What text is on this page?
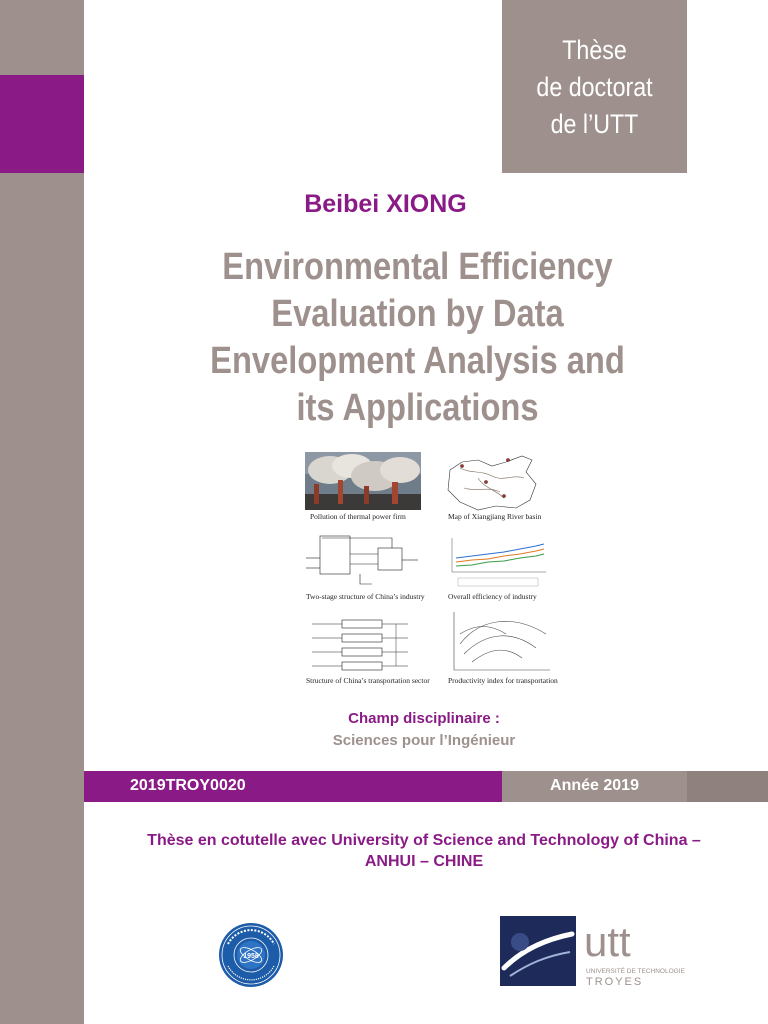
Thèse
de doctorat
de l’UTT
Beibei XIONG
Environmental Efficiency
Evaluation by Data
Envelopment Analysis and
its Applications
Pollution of thermal power firm	Map of Xiangjiang River basin
Two-stage structure of China’s industry	Overall efficiency of industry
Structure of China’s transportation sector Productivity index for transportation
Champ disciplinaire :
Sciences pour l’Ingénieur
2019TROY0020	Année 2019
Thèse en cotutelle avec University of Science and Technology of China –
ANHUI – CHINE
1958	utt
UNIVERSITÉ DE TECHNOLOGIE
TROYES
